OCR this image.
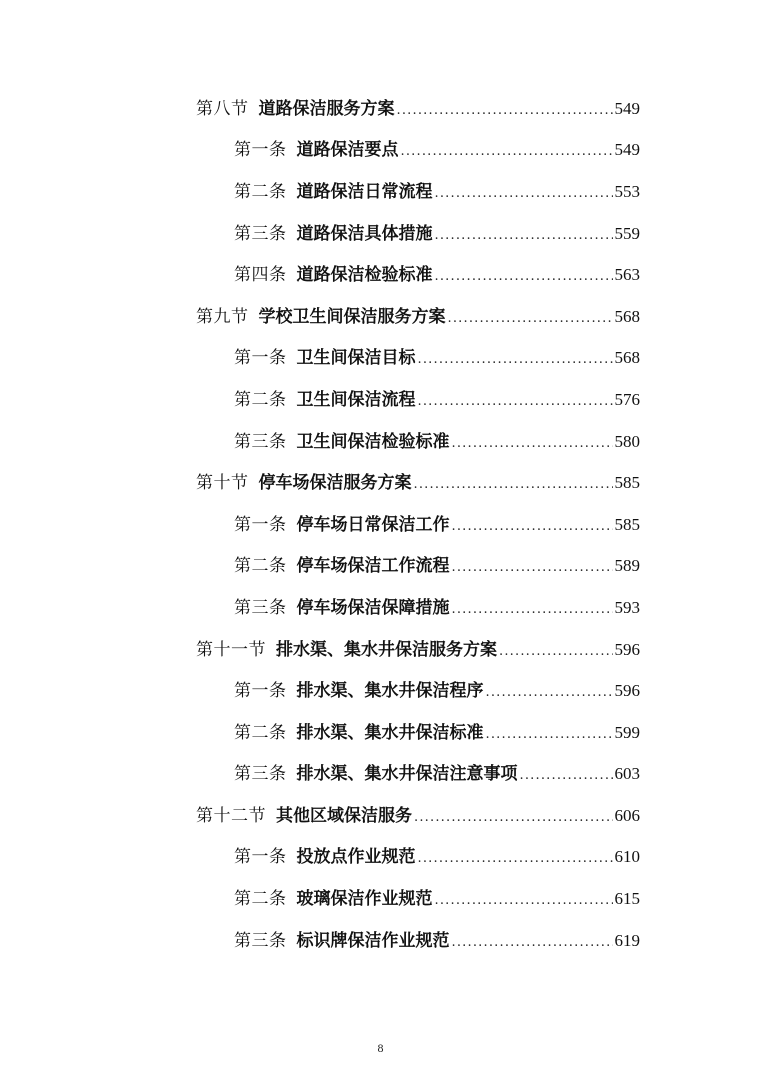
第八节 道路保洁服务方案 .....	549
第一条 道路保洁要点 .....	549
第二条 道路保洁日常流程 .....	553
第三条 道路保洁具体措施 .....	559
第四条 道路保洁检验标准 .....	563
第九节 学校卫生间保洁服务方案 .....	568
第一条 卫生间保洁目标 .....	568
第二条 卫生间保洁流程 .....	576
第三条 卫生间保洁检验标准 .....	580
第十节 停车场保洁服务方案 .....	585
第一条 停车场日常保洁工作 .....	585
第二条 停车场保洁工作流程 .....	589
第三条 停车场保洁保障措施 .....	593
第十一节 排水渠、集水井保洁服务方案 .....	596
第一条 排水渠、集水井保洁程序 .....	596
第二条 排水渠、集水井保洁标准 .....	599
第三条 排水渠、集水井保洁注意事项 .....	603
第十二节 其他区域保洁服务 .....	606
第一条 投放点作业规范 .....	610
第二条 玻璃保洁作业规范 .....	615
第三条 标识牌保洁作业规范 .....	619
8
